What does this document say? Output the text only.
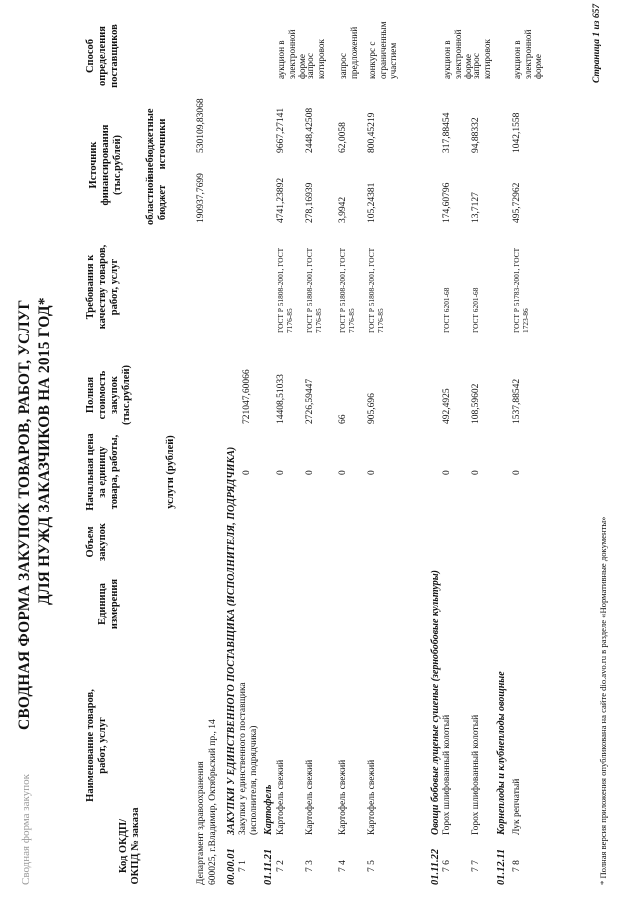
Сводная форма закупок
СВОДНАЯ ФОРМА ЗАКУПОК ТОВАРОВ, РАБОТ, УСЛУГ ДЛЯ НУЖД ЗАКАЗЧИКОВ НА 2015 ГОД*
Код ОКДП/ ОКПД № заказа
Наименование товаров, работ, услуг
Единица измерения
Объем закупок
Начальная цена за единицу товара, работы,	услуги (рублей)
Полная стоимость закупок (тыс.рублей)
Требования к качеству товаров, работ, услуг
Источник финансирования (тыс.рублей)
областной бюджет
внебюджетные источники
Способ определения поставщиков
Департамент здравоохранения 600025, г.Владимир, Октябрьский пр., 14
190937,7699
530109,83068
00.00.01
ЗАКУПКИ У ЕДИНСТВЕННОГО ПОСТАВЩИКА (ИСПОЛНИТЕЛЯ, ПОДРЯДЧИКА)
7 1
Закупки у единственного поставщика (исполнителя, подрядчика)
0
721047,60066
01.11.21
Картофель
7 2
Картофель свежий
0
14408,51033
ГОСТ Р 51808-2001, ГОСТ 7176-85
4741,23892
9667,27141
аукцион в электронной форме
7 3
Картофель свежий
0
2726,59447
ГОСТ Р 51808-2001, ГОСТ 7176-85
278,16939
2448,42508
запрос котировок
7 4
Картофель свежий
0
66
ГОСТ Р 51808-2001, ГОСТ 7176-85
3,9942
62,0058
запрос предложений
7 5
Картофель свежий
0
905,696
ГОСТ Р 51808-2001, ГОСТ 7176-85
105,24381
800,45219
конкурс с ограниченным участием
7 6
Горох шлифованный колотый
0
492,4925
ГОСТ 6201-68
174,60796
317,88454
аукцион в электронной форме
7 7
Горох шлифованный колотый
0
108,59602
ГОСТ 6201-68
13,7127
94,88332
запрос котировок
7 8
Лук репчатый
0
1537,88542
ГОСТ Р 51783-2001, ГОСТ 1723-86
495,72962
1042,1558
аукцион в электронной форме
01.11.22
Овощи бобовые лущеные сушеные (зернобобовые культуры)
01.12.11
Корнеплоды и клубнеплоды овощные	* Полная версия приложения опубликована на сайте dio.avo.ru в разделе «Нормативные документы»
Страница 1 из 657
